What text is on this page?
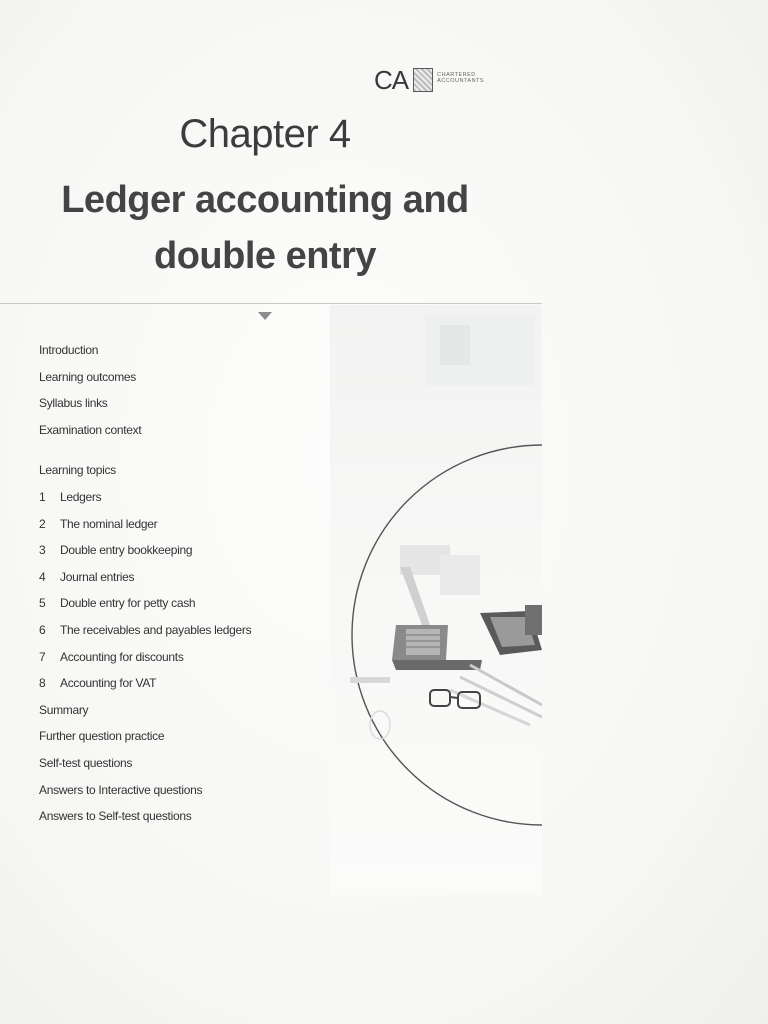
CA	CHARTERED
ACCOUNTANTS
Chapter 4
Ledger accounting and
double entry
Introduction
Learning outcomes
Syllabus links
Examination context
Learning topics
1	Ledgers
2	The nominal ledger
3	Double entry bookkeeping
4	Journal entries
5	Double entry for petty cash
6	The receivables and payables ledgers
7	Accounting for discounts
8	Accounting for VAT
Summary
Further question practice
Self-test questions
Answers to Interactive questions
Answers to Self-test questions
